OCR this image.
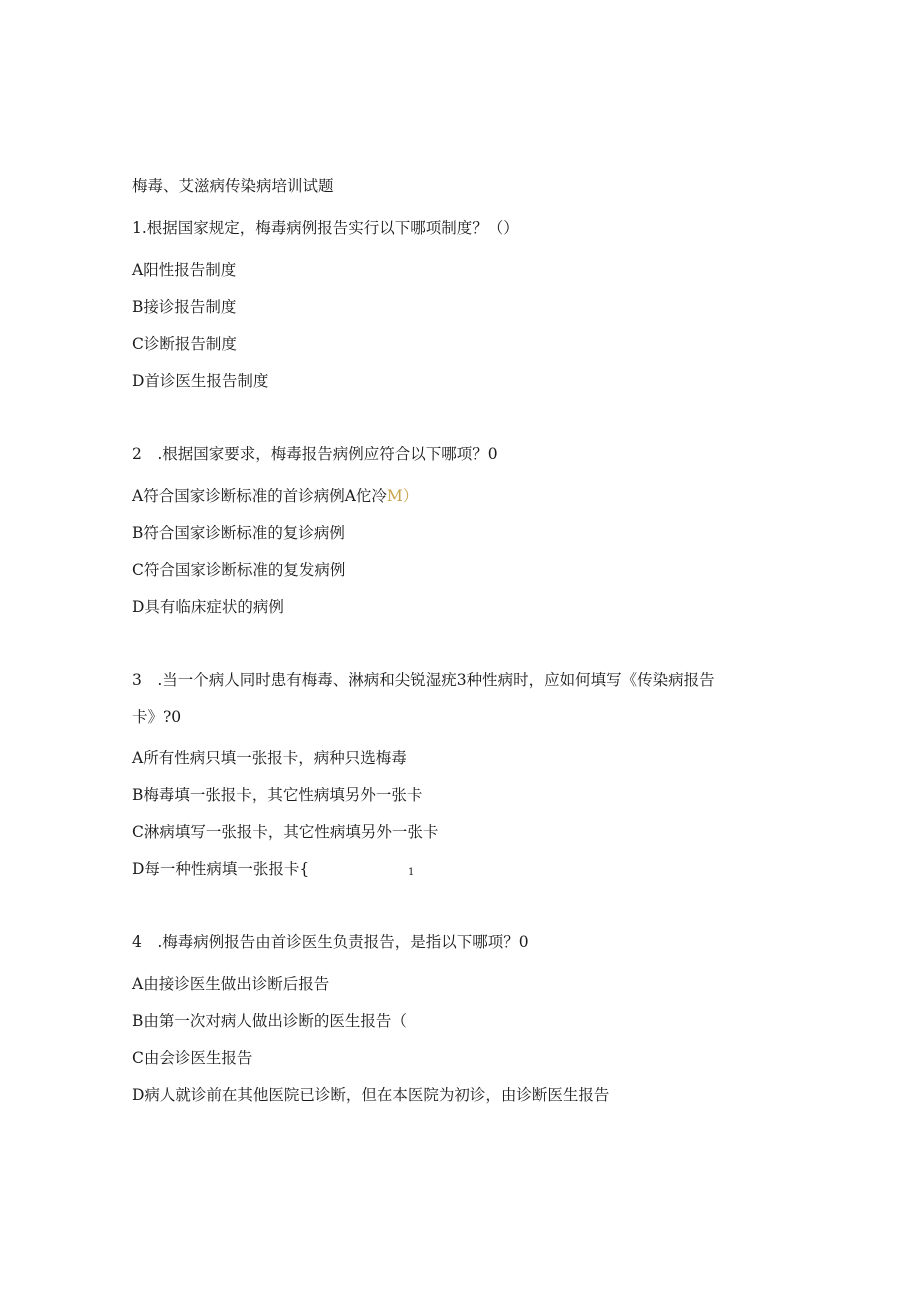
梅毒、艾滋病传染病培训试题
1.根据国家规定，梅毒病例报告实行以下哪项制度？（）
A阳性报告制度
B接诊报告制度
C诊断报告制度
D首诊医生报告制度
2　.根据国家要求，梅毒报告病例应符合以下哪项？0
A符合国家诊断标准的首诊病例A佗冷M）
B符合国家诊断标准的复诊病例
C符合国家诊断标准的复发病例
D具有临床症状的病例
3　.当一个病人同时患有梅毒、淋病和尖锐湿疣3种性病时，应如何填写《传染病报告
卡》?0
A所有性病只填一张报卡，病种只选梅毒
B梅毒填一张报卡，其它性病填另外一张卡
C淋病填写一张报卡，其它性病填另外一张卡
D每一种性病填一张报卡{	1
4　.梅毒病例报告由首诊医生负责报告，是指以下哪项？0
A由接诊医生做出诊断后报告
B由第一次对病人做出诊断的医生报告（
C由会诊医生报告
D病人就诊前在其他医院已诊断，但在本医院为初诊，由诊断医生报告
